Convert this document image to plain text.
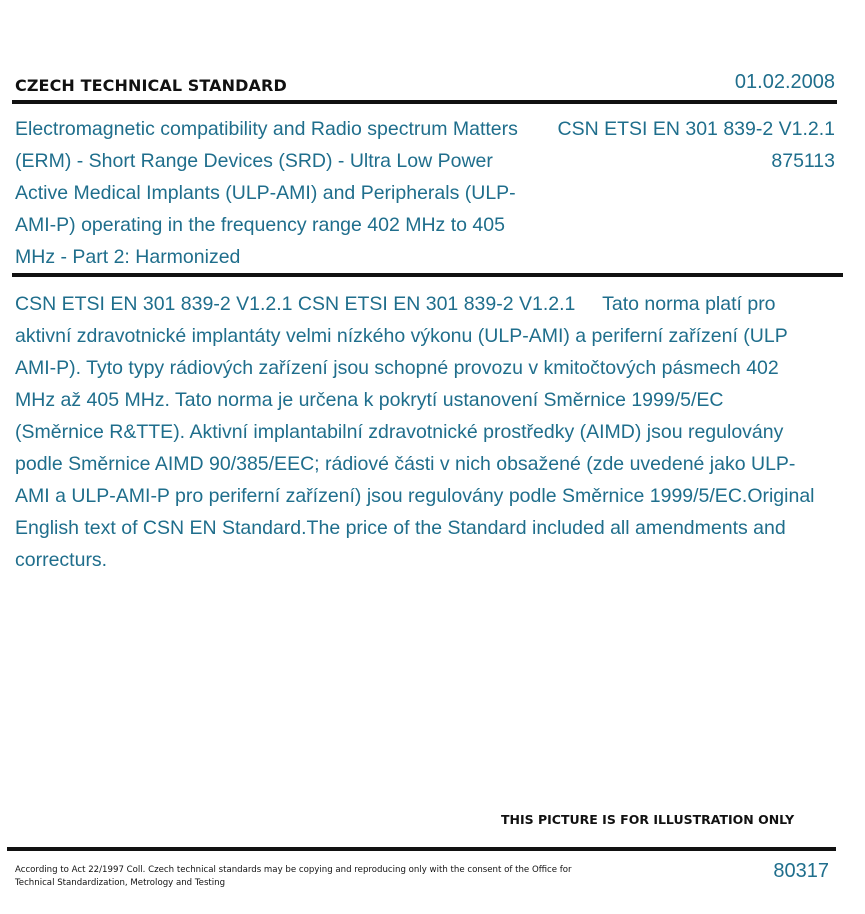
CZECH TECHNICAL STANDARD	01.02.2008
Electromagnetic compatibility and Radio spectrum Matters (ERM) - Short Range Devices (SRD) - Ultra Low Power Active Medical Implants (ULP-AMI) and Peripherals (ULP-AMI-P) operating in the frequency range 402 MHz to 405 MHz - Part 2: Harmonized
CSN ETSI EN 301 839-2 V1.2.1
875113
CSN ETSI EN 301 839-2 V1.2.1 CSN ETSI EN 301 839-2 V1.2.1     Tato norma platí pro aktivní zdravotnické implantáty velmi nízkého výkonu (ULP-AMI) a periferní zařízení (ULP AMI-P). Tyto typy rádiových zařízení jsou schopné provozu v kmitočtových pásmech 402 MHz až 405 MHz. Tato norma je určena k pokrytí ustanovení Směrnice 1999/5/EC (Směrnice R&TTE). Aktivní implantabilní zdravotnické prostředky (AIMD) jsou regulovány podle Směrnice AIMD 90/385/EEC; rádiové části v nich obsažené (zde uvedené jako ULP-AMI a ULP-AMI-P pro periferní zařízení) jsou regulovány podle Směrnice 1999/5/EC.Original English text of CSN EN Standard.The price of the Standard included all amendments and correcturs.
THIS PICTURE IS FOR ILLUSTRATION ONLY
According to Act 22/1997 Coll. Czech technical standards may be copying and reproducing only with the consent of the Office for Technical Standardization, Metrology and Testing
80317
